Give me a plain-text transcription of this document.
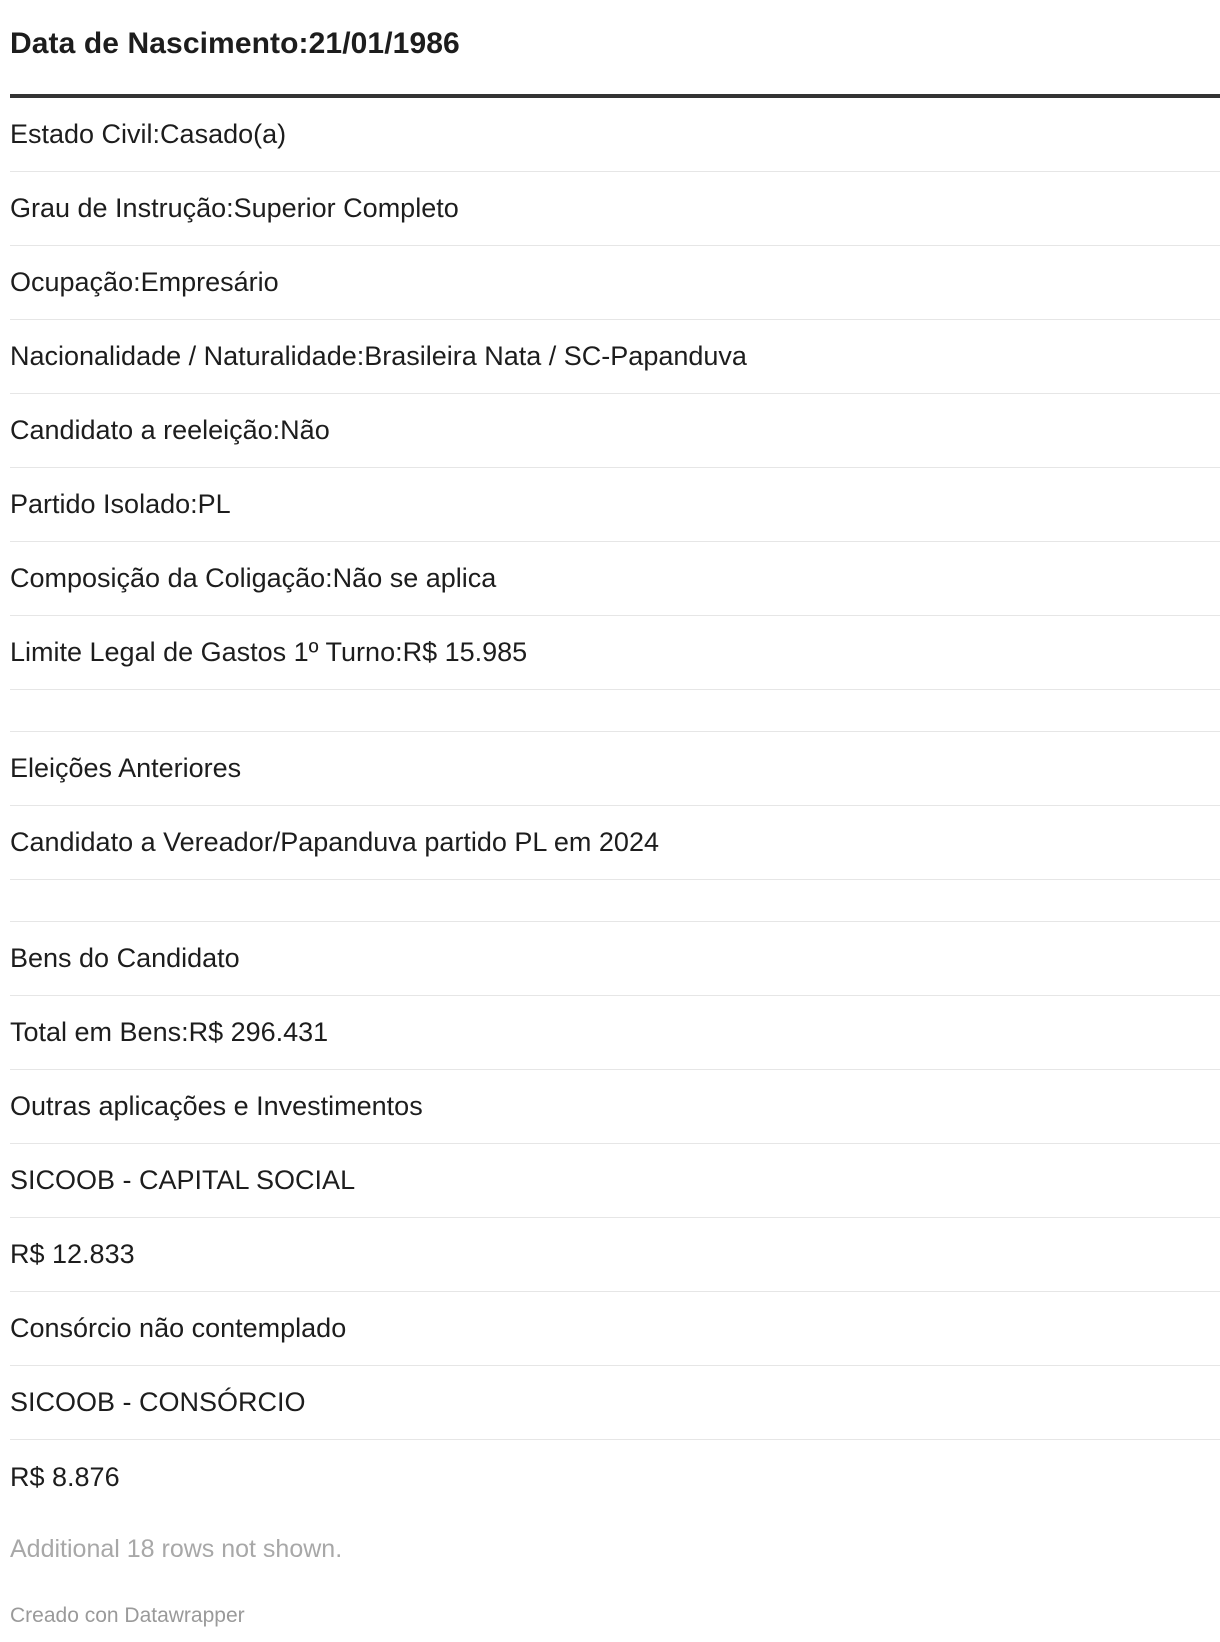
Data de Nascimento:21/01/1986
Estado Civil:Casado(a)
Grau de Instrução:Superior Completo
Ocupação:Empresário
Nacionalidade / Naturalidade:Brasileira Nata / SC-Papanduva
Candidato a reeleição:Não
Partido Isolado:PL
Composição da Coligação:Não se aplica
Limite Legal de Gastos 1º Turno:R$ 15.985
Eleições Anteriores
Candidato a Vereador/Papanduva partido PL em 2024
Bens do Candidato
Total em Bens:R$ 296.431
Outras aplicações e Investimentos
SICOOB - CAPITAL SOCIAL
R$ 12.833
Consórcio não contemplado
SICOOB - CONSÓRCIO
R$ 8.876
Additional 18 rows not shown.
Creado con Datawrapper
